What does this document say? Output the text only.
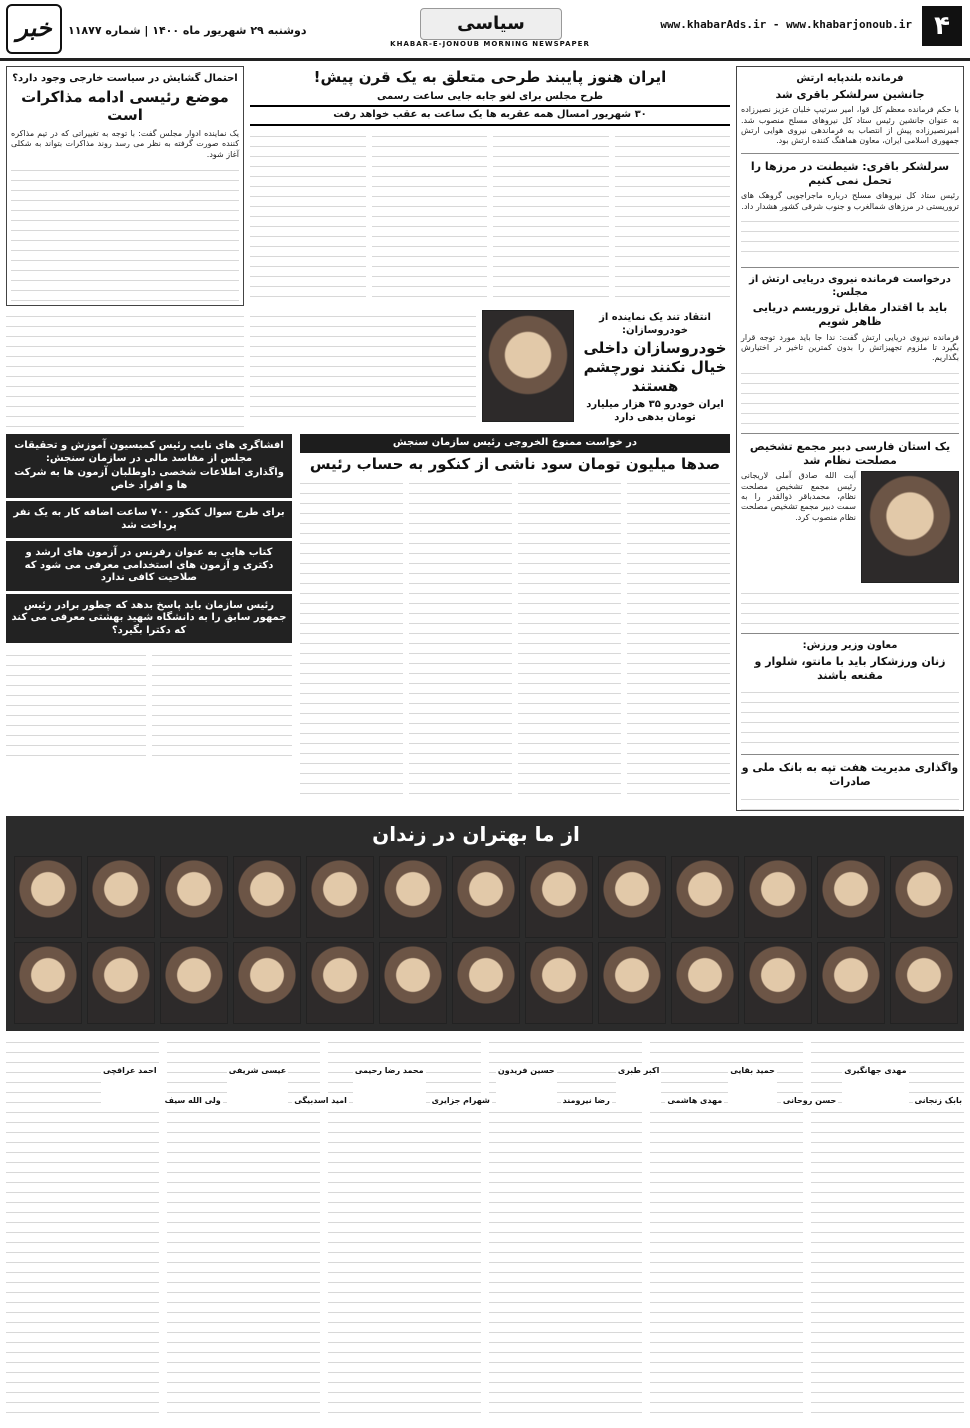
۴
www.khabarAds.ir - www.khabarjonoub.ir
سیاسی
KHABAR-E-JONOUB MORNING NEWSPAPER
دوشنبه ۲۹ شهریور ماه ۱۴۰۰ | شماره ۱۱۸۷۷
خبر
فرمانده بلندپایه ارتش
جانشین سرلشکر باقری شد
با حکم فرمانده معظم کل قوا، امیر سرتیپ خلبان عزیز نصیرزاده به عنوان جانشین رئیس ستاد کل نیروهای مسلح منصوب شد. امیرنصیرزاده پیش از انتصاب به فرماندهی نیروی هوایی ارتش جمهوری اسلامی ایران، معاون هماهنگ کننده ارتش بود.
سرلشکر باقری: شیطنت در مرزها را تحمل نمی کنیم
رئیس ستاد کل نیروهای مسلح درباره ماجراجویی گروهک های تروریستی در مرزهای شمالغرب و جنوب شرقی کشور هشدار داد.
درخواست فرمانده نیروی دریایی ارتش از مجلس:
باید با اقتدار مقابل تروریسم دریایی ظاهر شویم
فرمانده نیروی دریایی ارتش گفت: ندا جا باید مورد توجه قرار بگیرد تا ملزوم تجهیزاتش را بدون کمترین تاخیر در اختیارش بگذاریم.
یک استان فارسی دبیر مجمع تشخیص مصلحت نظام شد
آیت الله صادق آملی لاریجانی رئیس مجمع تشخیص مصلحت نظام، محمدباقر ذوالقدر را به سمت دبیر مجمع تشخیص مصلحت نظام منصوب کرد.
معاون وزیر ورزش:
زنان ورزشکار باید با مانتو، شلوار و مقنعه باشند
واگذاری مدیریت هفت تپه به بانک ملی و صادرات
ایران هنوز پایبند طرحی متعلق به یک قرن پیش!
طرح مجلس برای لغو جابه جایی ساعت رسمی
۳۰ شهریور امسال همه عقربه ها یک ساعت به عقب خواهد رفت
احتمال گشایش در سیاست خارجی وجود دارد؟
موضع رئیسی ادامه مذاکرات است
یک نماینده ادوار مجلس گفت: با توجه به تغییراتی که در تیم مذاکره کننده صورت گرفته به نظر می رسد روند مذاکرات بتواند به شکلی آغاز شود.
انتقاد تند یک نماینده از خودروسازان:
خودروسازان داخلی خیال نکنند نورچشم هستند
ایران خودرو ۳۵ هزار میلیارد تومان بدهی دارد
در خواست ممنوع الخروجی رئیس سازمان سنجش
صدها میلیون تومان سود ناشی از کنکور به حساب رئیس
افشاگری های نایب رئیس کمیسیون آموزش و تحقیقات مجلس از مفاسد مالی در سازمان سنجش:
واگذاری اطلاعات شخصی داوطلبان آزمون ها به شرکت ها و افراد خاص
برای طرح سوال کنکور ۷۰۰ ساعت اضافه کار به یک نفر پرداخت شد
کتاب هایی به عنوان رفرنس در آزمون های ارشد و دکتری و آزمون های استخدامی معرفی می شود که صلاحیت کافی ندارد
رئیس سازمان باید پاسخ بدهد که چطور برادر رئیس جمهور سابق را به دانشگاه شهید بهشتی معرفی می کند که دکترا بگیرد؟
از ما بهتران در زندان
بابک زنجانی
مهدی جهانگیری
حسن روحانی
حمید بقایی
مهدی هاشمی
اکبر طبری
رضا نیرومند
حسین فریدون
شهرام جزایری
محمد رضا رحیمی
امید اسدبیگی
عیسی شریفی
ولی الله سیف
احمد عراقچی
